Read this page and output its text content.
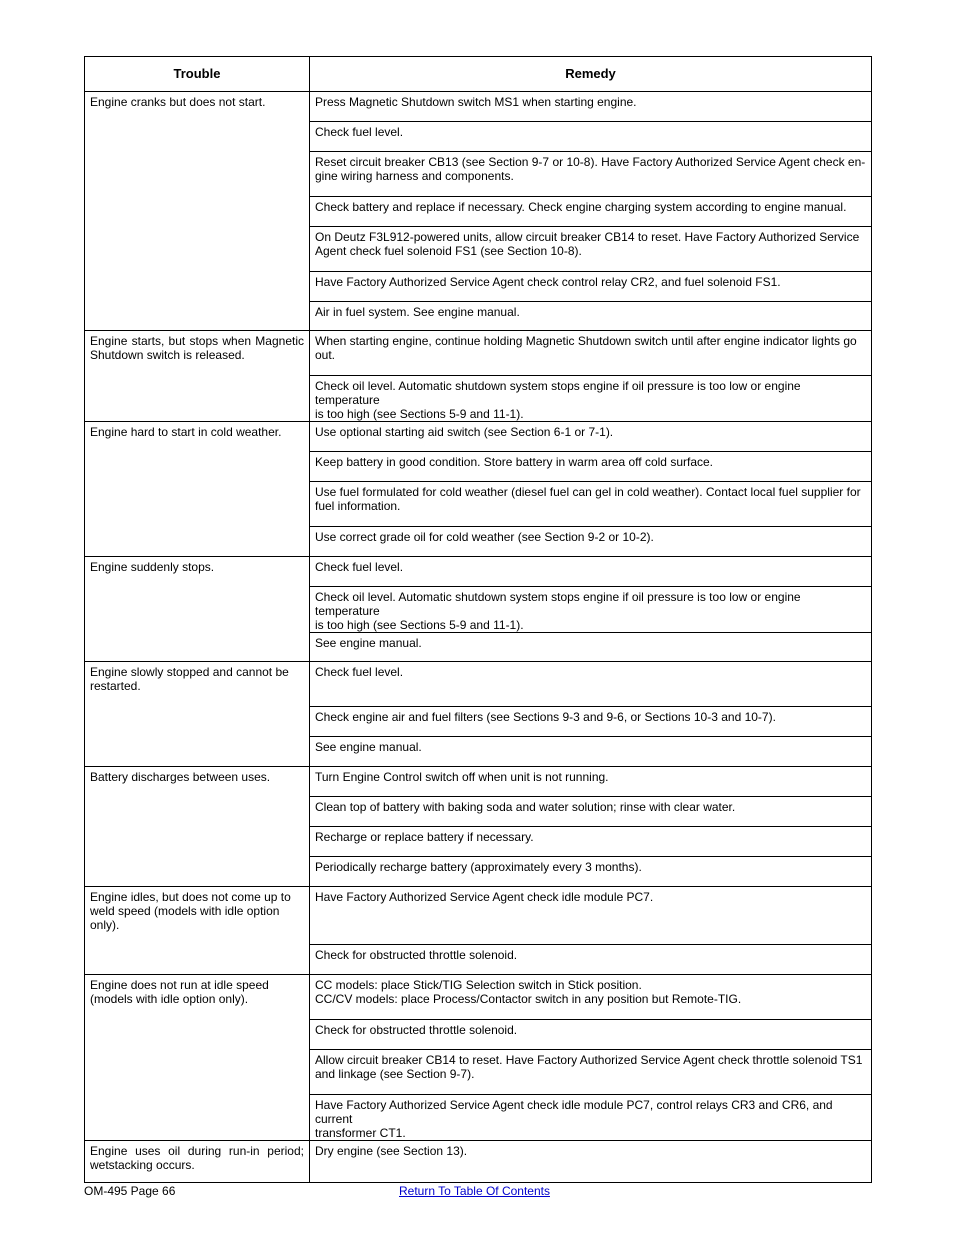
Trouble	Remedy
Engine cranks but does not start.	Press Magnetic Shutdown switch MS1 when starting engine.
	Check fuel level.
	Reset circuit breaker CB13 (see Section 9-7 or 10-8). Have Factory Authorized Service Agent check en-
gine wiring harness and components.
	Check battery and replace if necessary. Check engine charging system according to engine manual.
	On Deutz F3L912-powered units, allow circuit breaker CB14 to reset. Have Factory Authorized Service
Agent check fuel solenoid FS1 (see Section 10-8).
	Have Factory Authorized Service Agent check control relay CR2, and fuel solenoid FS1.
	Air in fuel system. See engine manual.
Engine starts, but stops when Magnetic Shutdown switch is released.	When starting engine, continue holding Magnetic Shutdown switch until after engine indicator lights go
out.
	Check oil level. Automatic shutdown system stops engine if oil pressure is too low or engine temperature
is too high (see Sections 5-9 and 11-1).
Engine hard to start in cold weather.	Use optional starting aid switch (see Section 6-1 or 7-1).
	Keep battery in good condition. Store battery in warm area off cold surface.
	Use fuel formulated for cold weather (diesel fuel can gel in cold weather). Contact local fuel supplier for
fuel information.
	Use correct grade oil for cold weather (see Section 9-2 or 10-2).
Engine suddenly stops.	Check fuel level.
	Check oil level. Automatic shutdown system stops engine if oil pressure is too low or engine temperature
is too high (see Sections 5-9 and 11-1).
	See engine manual.
Engine slowly stopped and cannot be restarted.	Check fuel level.
	Check engine air and fuel filters (see Sections 9-3 and 9-6, or Sections 10-3 and 10-7).
	See engine manual.
Battery discharges between uses.	Turn Engine Control switch off when unit is not running.
	Clean top of battery with baking soda and water solution; rinse with clear water.
	Recharge or replace battery if necessary.
	Periodically recharge battery (approximately every 3 months).
Engine idles, but does not come up to weld speed (models with idle option only).	Have Factory Authorized Service Agent check idle module PC7.
	Check for obstructed throttle solenoid.
Engine does not run at idle speed (models with idle option only).	CC models: place Stick/TIG Selection switch in Stick position.
CC/CV models: place Process/Contactor switch in any position but Remote-TIG.
	Check for obstructed throttle solenoid.
	Allow circuit breaker CB14 to reset. Have Factory Authorized Service Agent check throttle solenoid TS1
and linkage (see Section 9-7).
	Have Factory Authorized Service Agent check idle module PC7, control relays CR3 and CR6, and current
transformer CT1.
Engine uses oil during run-in period; wetstacking occurs.	Dry engine (see Section 13).
OM-495 Page 66	Return To Table Of Contents
